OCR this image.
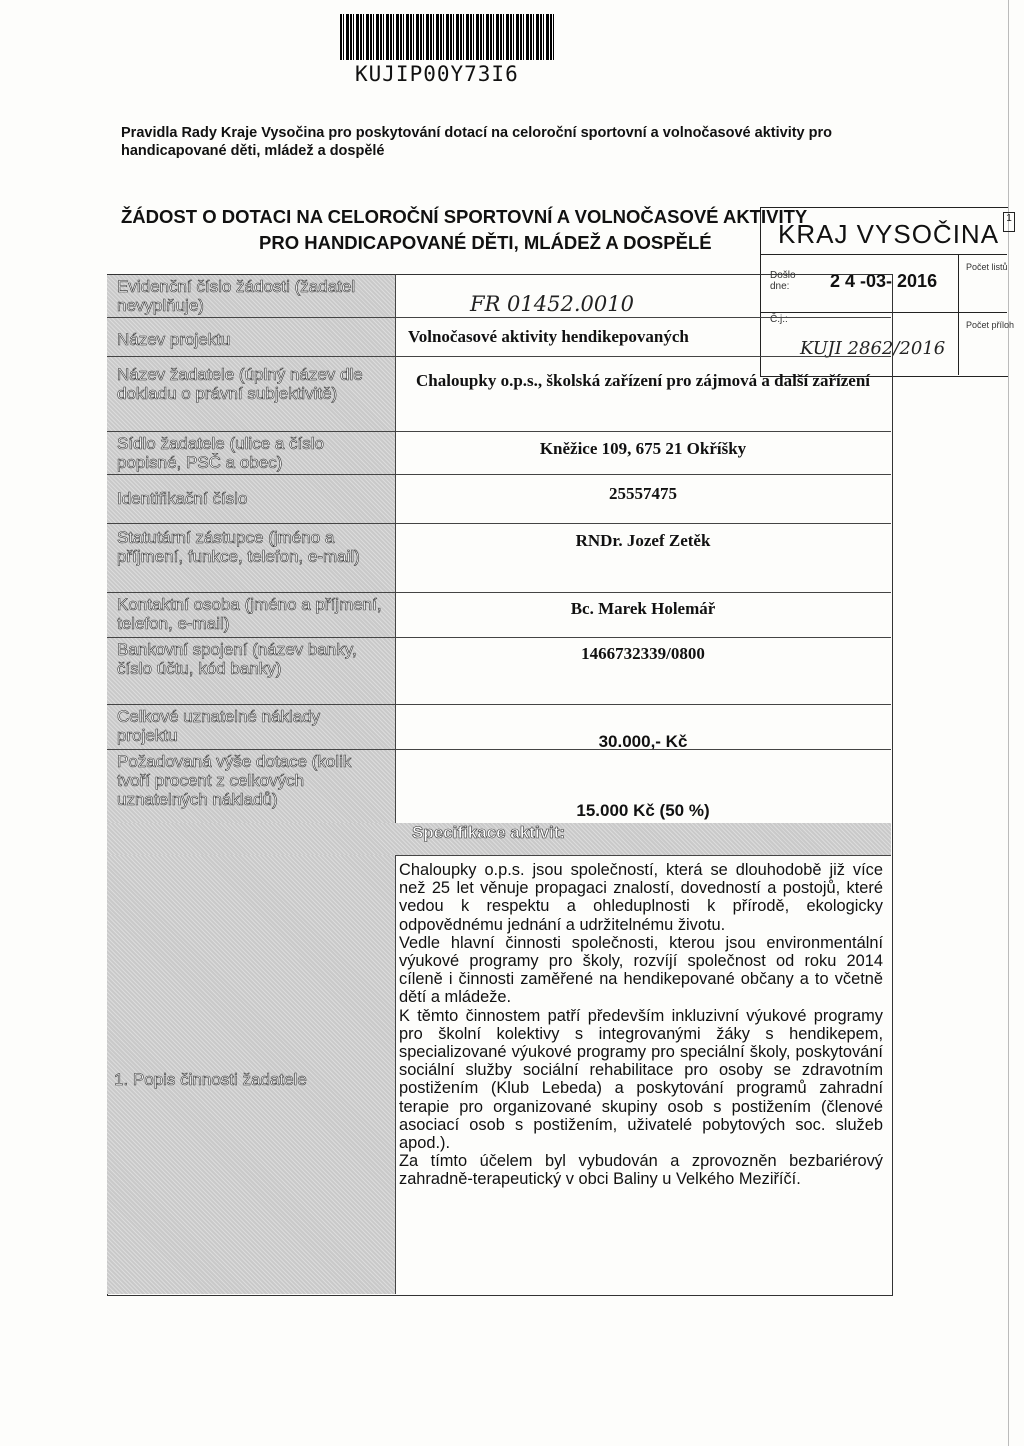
KUJIP00Y73I6
Pravidla Rady Kraje Vysočina pro poskytování dotací na celoroční sportovní a volnočasové aktivity pro handicapované děti, mládež a dospělé
ŽÁDOST O DOTACI NA CELOROČNÍ SPORTOVNÍ A VOLNOČASOVÉ AKTIVITY
PRO HANDICAPOVANÉ DĚTI, MLÁDEŽ A DOSPĚLÉ	KRAJ VYSOČINA
1
Došlo dne:	2 4 -03- 2016
Počet listů
Č.j.:
KUJI 2862/2016
Počet příloh
Evidenční číslo žádosti (žadatel nevyplňuje)	FR 01452.0010
Název projektu	Volnočasové aktivity hendikepovaných
Název žadatele (úplný název dle dokladu o právní subjektivitě)
Chaloupky o.p.s., školská zařízení pro zájmová a další zařízení
Sídlo žadatele (ulice a číslo popisné, PSČ a obec)
Kněžice 109, 675 21 Okříšky
Identifikační číslo	25557475
Statutární zástupce (jméno a příjmení, funkce, telefon, e-mail)
RNDr. Jozef Zetěk
Kontaktní osoba (jméno a příjmení, telefon, e-mail)
Bc. Marek Holemář
Bankovní spojení (název banky, číslo účtu, kód banky)
1466732339/0800
Celkové uznatelné náklady projektu	30.000,- Kč
Požadovaná výše dotace (kolik tvoří procent z celkových uznatelných nákladů)
15.000 Kč (50 %)
Specifikace aktivit:
1. Popis činnosti žadatele

Chaloupky o.p.s. jsou společností, která se dlouhodobě již více než 25 let věnuje propagaci znalostí, dovedností a postojů, které vedou k respektu a ohleduplnosti k přírodě, ekologicky odpovědnému jednání a udržitelnému životu.

Vedle hlavní činnosti společnosti, kterou jsou environmentální výukové programy pro školy, rozvíjí společnost od roku 2014 cíleně i činnosti zaměřené na hendikepované občany a to včetně dětí a mládeže.

K těmto činnostem patří především inkluzivní výukové programy pro školní kolektivy s integrovanými žáky s hendikepem, specializované výukové programy pro speciální školy, poskytování sociální služby sociální rehabilitace pro osoby se zdravotním postižením (Klub Lebeda) a poskytování programů zahradní terapie pro organizované skupiny osob s postižením (členové asociací osob s postižením, uživatelé pobytových soc. služeb apod.).

Za tímto účelem byl vybudován a zprovozněn bezbariérový zahradně-terapeutický v obci Baliny u Velkého Meziříčí.
